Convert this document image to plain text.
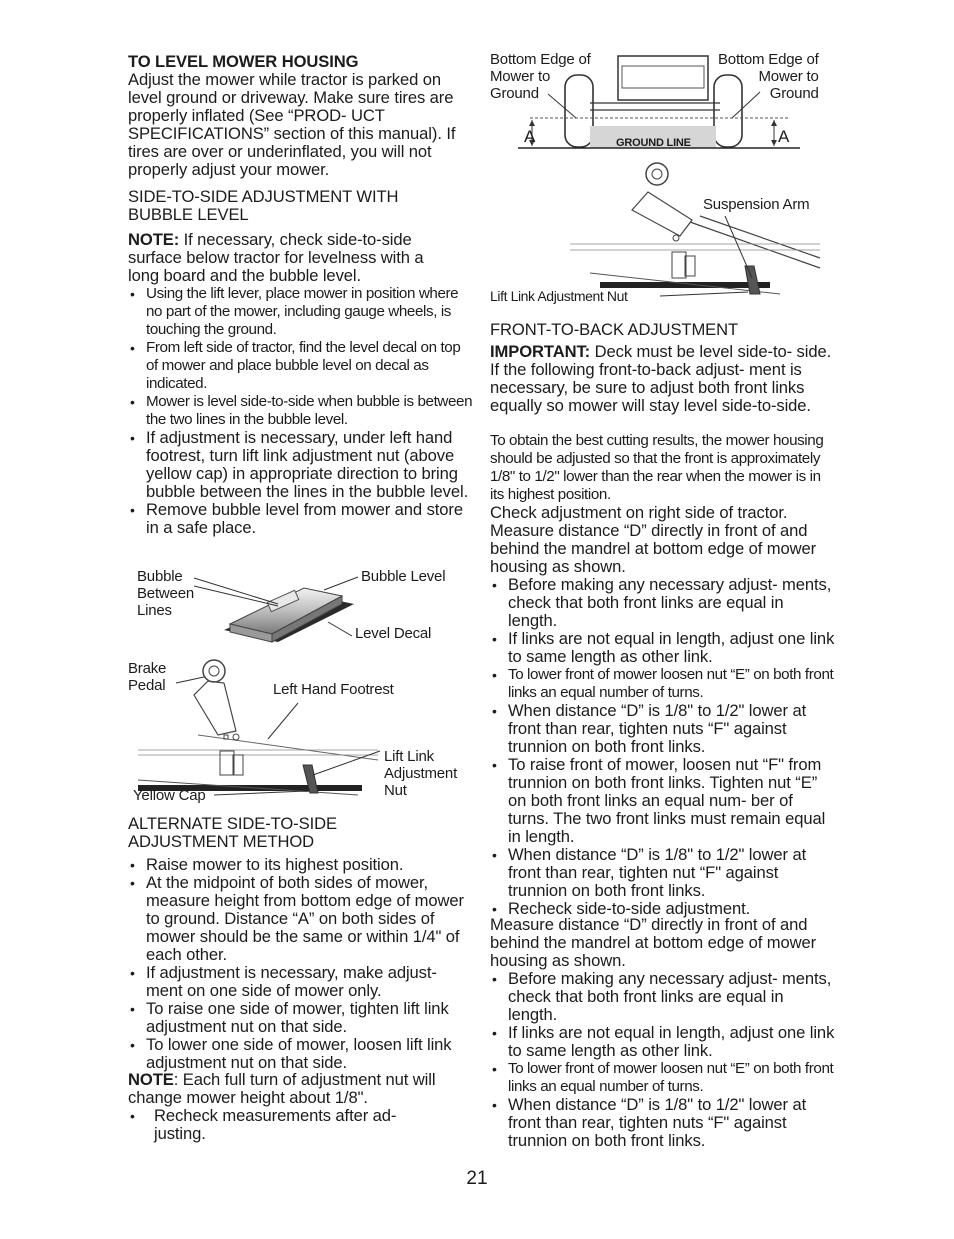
TO LEVEL MOWER HOUSING

Adjust the mower while tractor is parked on level ground or driveway. Make sure tires are properly inflated (See “PROD- UCT SPECIFICATIONS” section of this manual). If tires are over or underinflated, you will not properly adjust your mower.

SIDE-TO-SIDE ADJUSTMENT WITH BUBBLE LEVEL

NOTE: If necessary, check side-to-side surface below tractor for levelness with a long board and the bubble level.

• Using the lift lever, place mower in position where no part of the mower, including gauge wheels, is touching the ground.
• From left side of tractor, find the level decal on top of mower and place bubble level on decal as indicated.
• Mower is level side-to-side when bubble is between the two lines in the bubble level.
• If adjustment is necessary, under left hand footrest, turn lift link adjustment nut (above yellow cap) in appropriate direction to bring bubble between the lines in the bubble level.
• Remove bubble level from mower and store in a safe place.
Bubble
Between
Lines
Bubble Level
Level Decal
Brake
Pedal	Left Hand Footrest
Lift Link
Adjustment
Nut
Yellow Cap

ALTERNATE SIDE-TO-SIDE ADJUSTMENT METHOD

• Raise mower to its highest position.
• At the midpoint of both sides of mower, measure height from bottom edge of mower to ground. Distance “A” on both sides of mower should be the same or within 1/4" of each other.
• If adjustment is necessary, make adjust- ment on one side of mower only.
• To raise one side of mower, tighten lift link adjustment nut on that side.
• To lower one side of mower, loosen lift link adjustment nut on that side.

NOTE: Each full turn of adjustment nut will change mower height about 1/8".

• Recheck measurements after ad- justing.
Bottom Edge of
Mower to
Ground
Bottom Edge of
Mower to
Ground
A	A
GROUND LINE
Suspension Arm
Lift Link Adjustment Nut

FRONT-TO-BACK ADJUSTMENT

IMPORTANT: Deck must be level side-to- side. If the following front-to-back adjust- ment is necessary, be sure to adjust both front links equally so mower will stay level side-to-side.

To obtain the best cutting results, the mower housing should be adjusted so that the front is approximately 1/8" to 1/2" lower than the rear when the mower is in its highest position.

Check adjustment on right side of tractor. Measure distance “D” directly in front of and behind the mandrel at bottom edge of mower housing as shown.

• Before making any necessary adjust- ments, check that both front links are equal in length.
• If links are not equal in length, adjust one link to same length as other link.
• To lower front of mower loosen nut “E” on both front links an equal number of turns.
• When distance “D” is 1/8" to 1/2" lower at front than rear, tighten nuts “F" against trunnion on both front links.
• To raise front of mower, loosen nut “F" from trunnion on both front links. Tighten nut “E” on both front links an equal num- ber of turns. The two front links must remain equal in length.
• When distance “D” is 1/8" to 1/2" lower at front than rear, tighten nut “F" against trunnion on both front links.
• Recheck side-to-side adjustment.

Measure distance “D” directly in front of and behind the mandrel at bottom edge of mower housing as shown.

• Before making any necessary adjust- ments, check that both front links are equal in length.
• If links are not equal in length, adjust one link to same length as other link.
• To lower front of mower loosen nut “E” on both front links an equal number of turns.
• When distance “D” is 1/8" to 1/2" lower at front than rear, tighten nuts “F" against trunnion on both front links.
21
